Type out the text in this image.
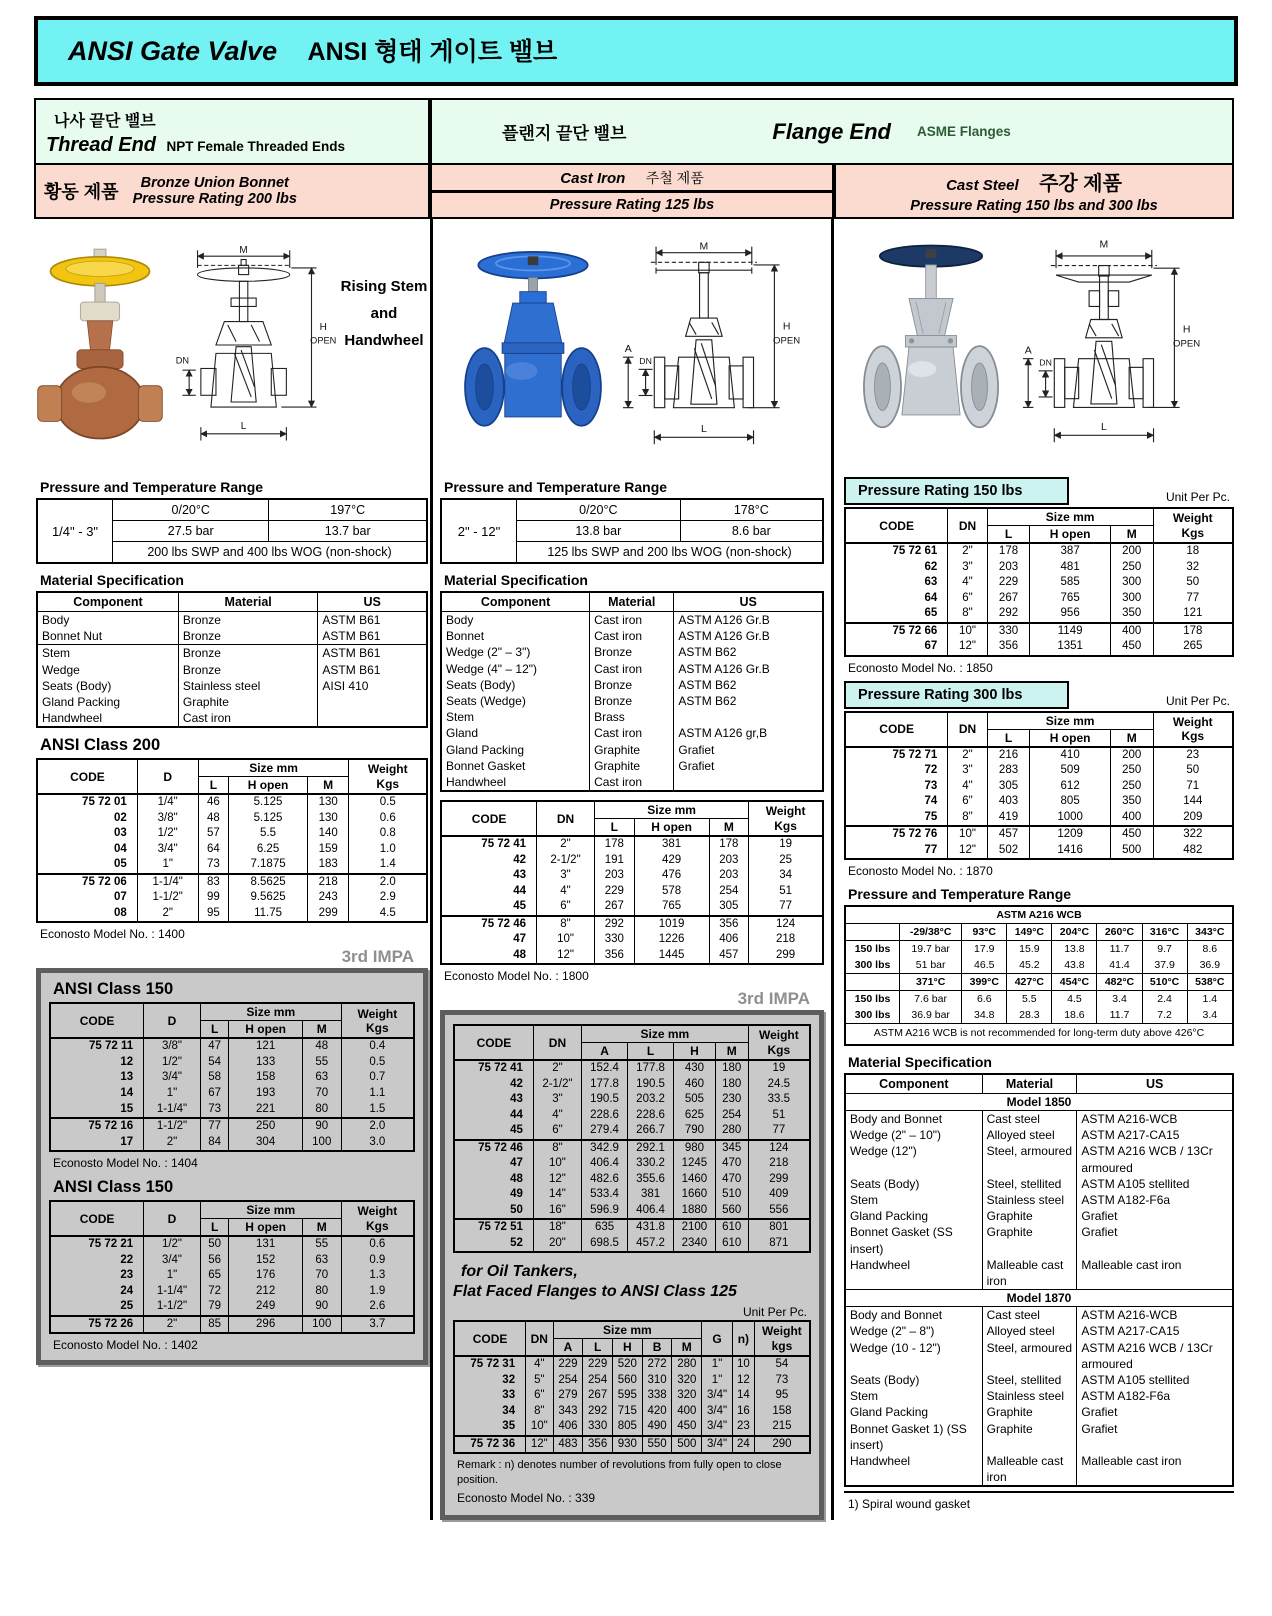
ANSI Gate Valve ANSI 형태 게이트 밸브
나사 끝단 밸브
Thread End NPT Female Threaded Ends
플랜지 끝단 밸브	Flange End ASME Flanges
황동 제품	Bronze Union Bonnet
Pressure Rating 200 lbs
Cast Iron 주철 제품
Pressure Rating 125 lbs
Cast Steel 주강 제품
Pressure Rating 150 lbs and 300 lbs
M
H
OPEN
DN
L
Rising Stem
and Handwheel
Pressure and Temperature Range
1/4" - 3"	0/20°C	197°C
	27.5 bar	13.7 bar
	200 lbs SWP and 400 lbs WOG (non-shock)	
Material Specification
Component	Material	US
Body	Bronze	ASTM B61
Bonnet Nut	Bronze	ASTM B61
Stem	Bronze	ASTM B61
Wedge	Bronze	ASTM B61
Seats (Body)	Stainless steel	AISI 410
Gland Packing	Graphite	
Handwheel	Cast iron	
ANSI Class 200
CODE	D	Size mm			Weight
Kgs

		L	H open	M	
75 72 01	1/4"	46	5.125	130	0.5
02	3/8"	48	5.125	130	0.6
03	1/2"	57	5.5	140	0.8
04	3/4"	64	6.25	159	1.0
05	1"	73	7.1875	183	1.4
75 72 06	1-1/4"	83	8.5625	218	2.0
07	1-1/2"	99	9.5625	243	2.9
08	2"	95	11.75	299	4.5
Econosto Model No. : 1400
3rd IMPA
ANSI Class 150
CODE	D	Size mm			Weight
Kgs

		L	H open	M	
75 72 11	3/8"	47	121	48	0.4
12	1/2"	54	133	55	0.5
13	3/4"	58	158	63	0.7
14	1"	67	193	70	1.1
15	1-1/4"	73	221	80	1.5
75 72 16	1-1/2"	77	250	90	2.0
17	2"	84	304	100	3.0
Econosto Model No. : 1404
ANSI Class 150
CODE	D	Size mm			Weight
Kgs

		L	H open	M	
75 72 21	1/2"	50	131	55	0.6
22	3/4"	56	152	63	0.9
23	1"	65	176	70	1.3
24	1-1/4"	72	212	80	1.9
25	1-1/2"	79	249	90	2.6
75 72 26	2"	85	296	100	3.7
Econosto Model No. : 1402
M
H
OPEN
A
DN
L
Pressure and Temperature Range
2" - 12"	0/20°C	178°C
	13.8 bar	8.6 bar
	125 lbs SWP and 200 lbs WOG (non-shock)	
Material Specification
Component	Material	US
Body	Cast iron	ASTM A126 Gr.B
Bonnet	Cast iron	ASTM A126 Gr.B
Wedge (2" – 3")	Bronze	ASTM B62
Wedge (4" – 12")	Cast iron	ASTM A126 Gr.B
Seats (Body)	Bronze	ASTM B62
Seats (Wedge)	Bronze	ASTM B62
Stem	Brass	
Gland	Cast iron	ASTM A126 gr,B
Gland Packing	Graphite	Grafiet
Bonnet Gasket	Graphite	Grafiet
Handwheel	Cast iron	
CODE	DN	Size mm			Weight
Kgs

		L	H open	M	
75 72 41	2"	178	381	178	19
42	2-1/2"	191	429	203	25
43	3"	203	476	203	34
44	4"	229	578	254	51
45	6"	267	765	305	77
75 72 46	8"	292	1019	356	124
47	10"	330	1226	406	218
48	12"	356	1445	457	299
Econosto Model No. : 1800
3rd IMPA
CODE	DN	Size mm				Weight
Kgs

		A	L	H	M	
75 72 41	2"	152.4	177.8	430	180	19
42	2-1/2"	177.8	190.5	460	180	24.5
43	3"	190.5	203.2	505	230	33.5
44	4"	228.6	228.6	625	254	51
45	6"	279.4	266.7	790	280	77
75 72 46	8"	342.9	292.1	980	345	124
47	10"	406.4	330.2	1245	470	218
48	12"	482.6	355.6	1460	470	299
49	14"	533.4	381	1660	510	409
50	16"	596.9	406.4	1880	560	556
75 72 51	18"	635	431.8	2100	610	801
52	20"	698.5	457.2	2340	610	871
for Oil Tankers,
Flat Faced Flanges to ANSI Class 125
Unit Per Pc.
CODE	DN	Size mm					G	n)	Weight
kgs

		A	L	H	B	M			
75 72 31	4"	229	229	520	272	280	1"	10	54
32	5"	254	254	560	310	320	1"	12	73
33	6"	279	267	595	338	320	3/4"	14	95
34	8"	343	292	715	420	400	3/4"	16	158
35	10"	406	330	805	490	450	3/4"	23	215
75 72 36	12"	483	356	930	550	500	3/4"	24	290
Remark : n) denotes number of revolutions from fully open to close position.
Econosto Model No. : 339
M
H
OPEN
A
DN
L
Pressure Rating 150 lbs	Unit Per Pc.
CODE	DN	Size mm			Weight
Kgs

		L	H open	M	
75 72 61	2"	178	387	200	18
62	3"	203	481	250	32
63	4"	229	585	300	50
64	6"	267	765	300	77
65	8"	292	956	350	121
75 72 66	10"	330	1149	400	178
67	12"	356	1351	450	265
Econosto Model No. : 1850
Pressure Rating 300 lbs	Unit Per Pc.
CODE	DN	Size mm			Weight
Kgs

		L	H open	M	
75 72 71	2"	216	410	200	23
72	3"	283	509	250	50
73	4"	305	612	250	71
74	6"	403	805	350	144
75	8"	419	1000	400	209
75 72 76	10"	457	1209	450	322
77	12"	502	1416	500	482
Econosto Model No. : 1870
Pressure and Temperature Range
ASTM A216 WCB							
	-29/38°C	93°C	149°C	204°C	260°C	316°C	343°C
150 lbs	19.7 bar	17.9	15.9	13.8	11.7	9.7	8.6
300 lbs	51 bar	46.5	45.2	43.8	41.4	37.9	36.9
	371°C	399°C	427°C	454°C	482°C	510°C	538°C
150 lbs	7.6 bar	6.6	5.5	4.5	3.4	2.4	1.4
300 lbs	36.9 bar	34.8	28.3	18.6	11.7	7.2	3.4
ASTM A216 WCB is not recommended for long-term duty above 426°C							
Material Specification
Component	Material	US
Model 1850		
Body and Bonnet	Cast steel	ASTM A216-WCB
Wedge (2" – 10")	Alloyed steel	ASTM A217-CA15
Wedge (12")	Steel, armoured	ASTM A216 WCB / 13Cr armoured
Seats (Body)	Steel, stellited	ASTM A105 stellited
Stem	Stainless steel	ASTM A182-F6a
Gland Packing	Graphite	Grafiet
Bonnet Gasket (SS insert)	Graphite	Grafiet
Handwheel	Malleable cast iron	Malleable cast iron
Model 1870		
Body and Bonnet	Cast steel	ASTM A216-WCB
Wedge (2" – 8")	Alloyed steel	ASTM A217-CA15
Wedge (10 - 12")	Steel, armoured	ASTM A216 WCB / 13Cr armoured
Seats (Body)	Steel, stellited	ASTM A105 stellited
Stem	Stainless steel	ASTM A182-F6a
Gland Packing	Graphite	Grafiet
Bonnet Gasket 1) (SS insert)	Graphite	Grafiet
Handwheel	Malleable cast iron	Malleable cast iron
1) Spiral wound gasket
